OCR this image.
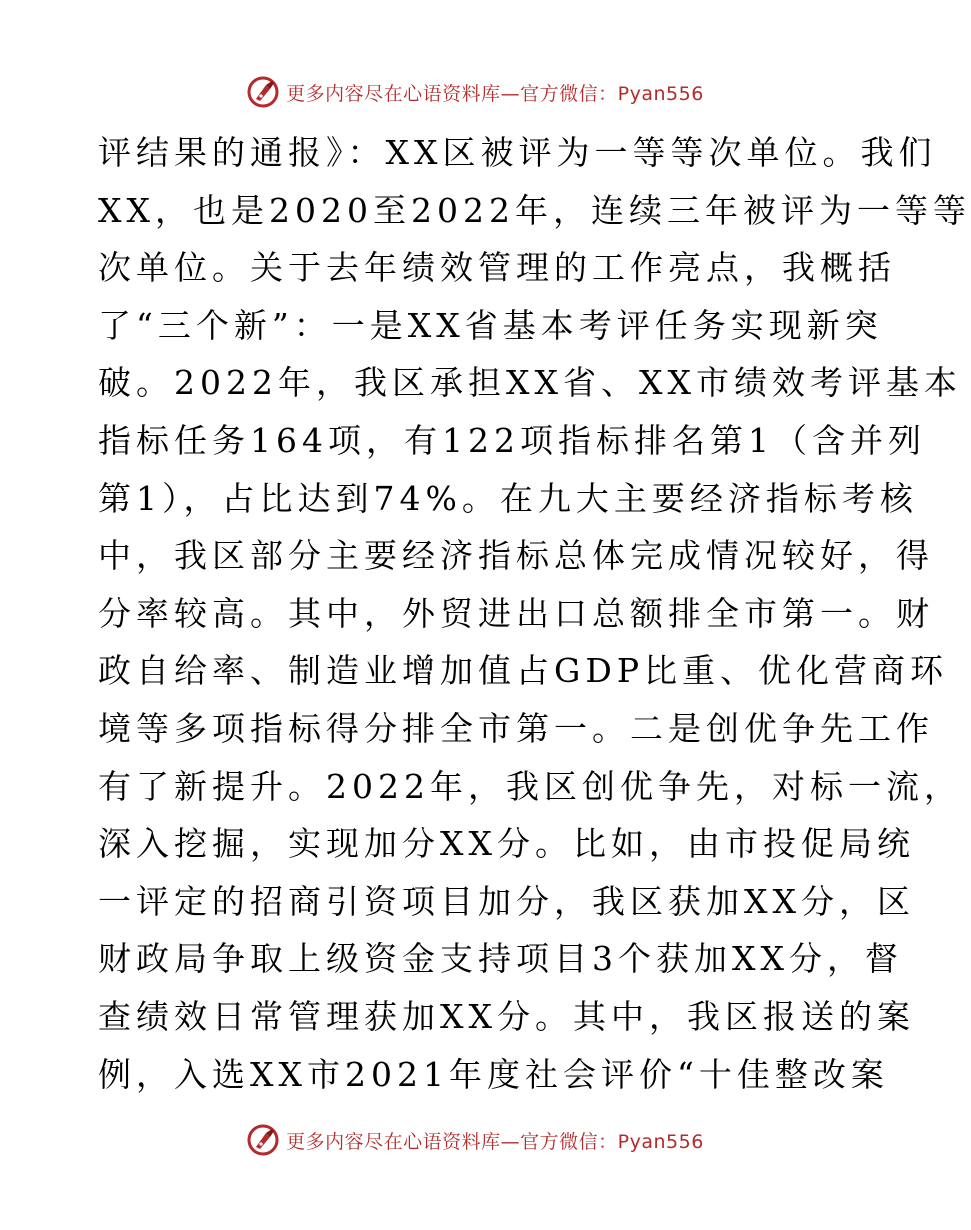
更多内容尽在心语资料库—官方微信：Pyan556
评结果的通报》：XX区被评为一等等次单位。我们
XX，也是2020至2022年，连续三年被评为一等等
次单位。关于去年绩效管理的工作亮点，我概括
了“三个新”：一是XX省基本考评任务实现新突
破。2022年，我区承担XX省、XX市绩效考评基本
指标任务164项，有122项指标排名第1（含并列
第1），占比达到74%。在九大主要经济指标考核
中，我区部分主要经济指标总体完成情况较好，得
分率较高。其中，外贸进出口总额排全市第一。财
政自给率、制造业增加值占GDP比重、优化营商环
境等多项指标得分排全市第一。二是创优争先工作
有了新提升。2022年，我区创优争先，对标一流，
深入挖掘，实现加分XX分。比如，由市投促局统
一评定的招商引资项目加分，我区获加XX分，区
财政局争取上级资金支持项目3个获加XX分，督
查绩效日常管理获加XX分。其中，我区报送的案
例，入选XX市2021年度社会评价“十佳整改案
更多内容尽在心语资料库—官方微信：Pyan556
